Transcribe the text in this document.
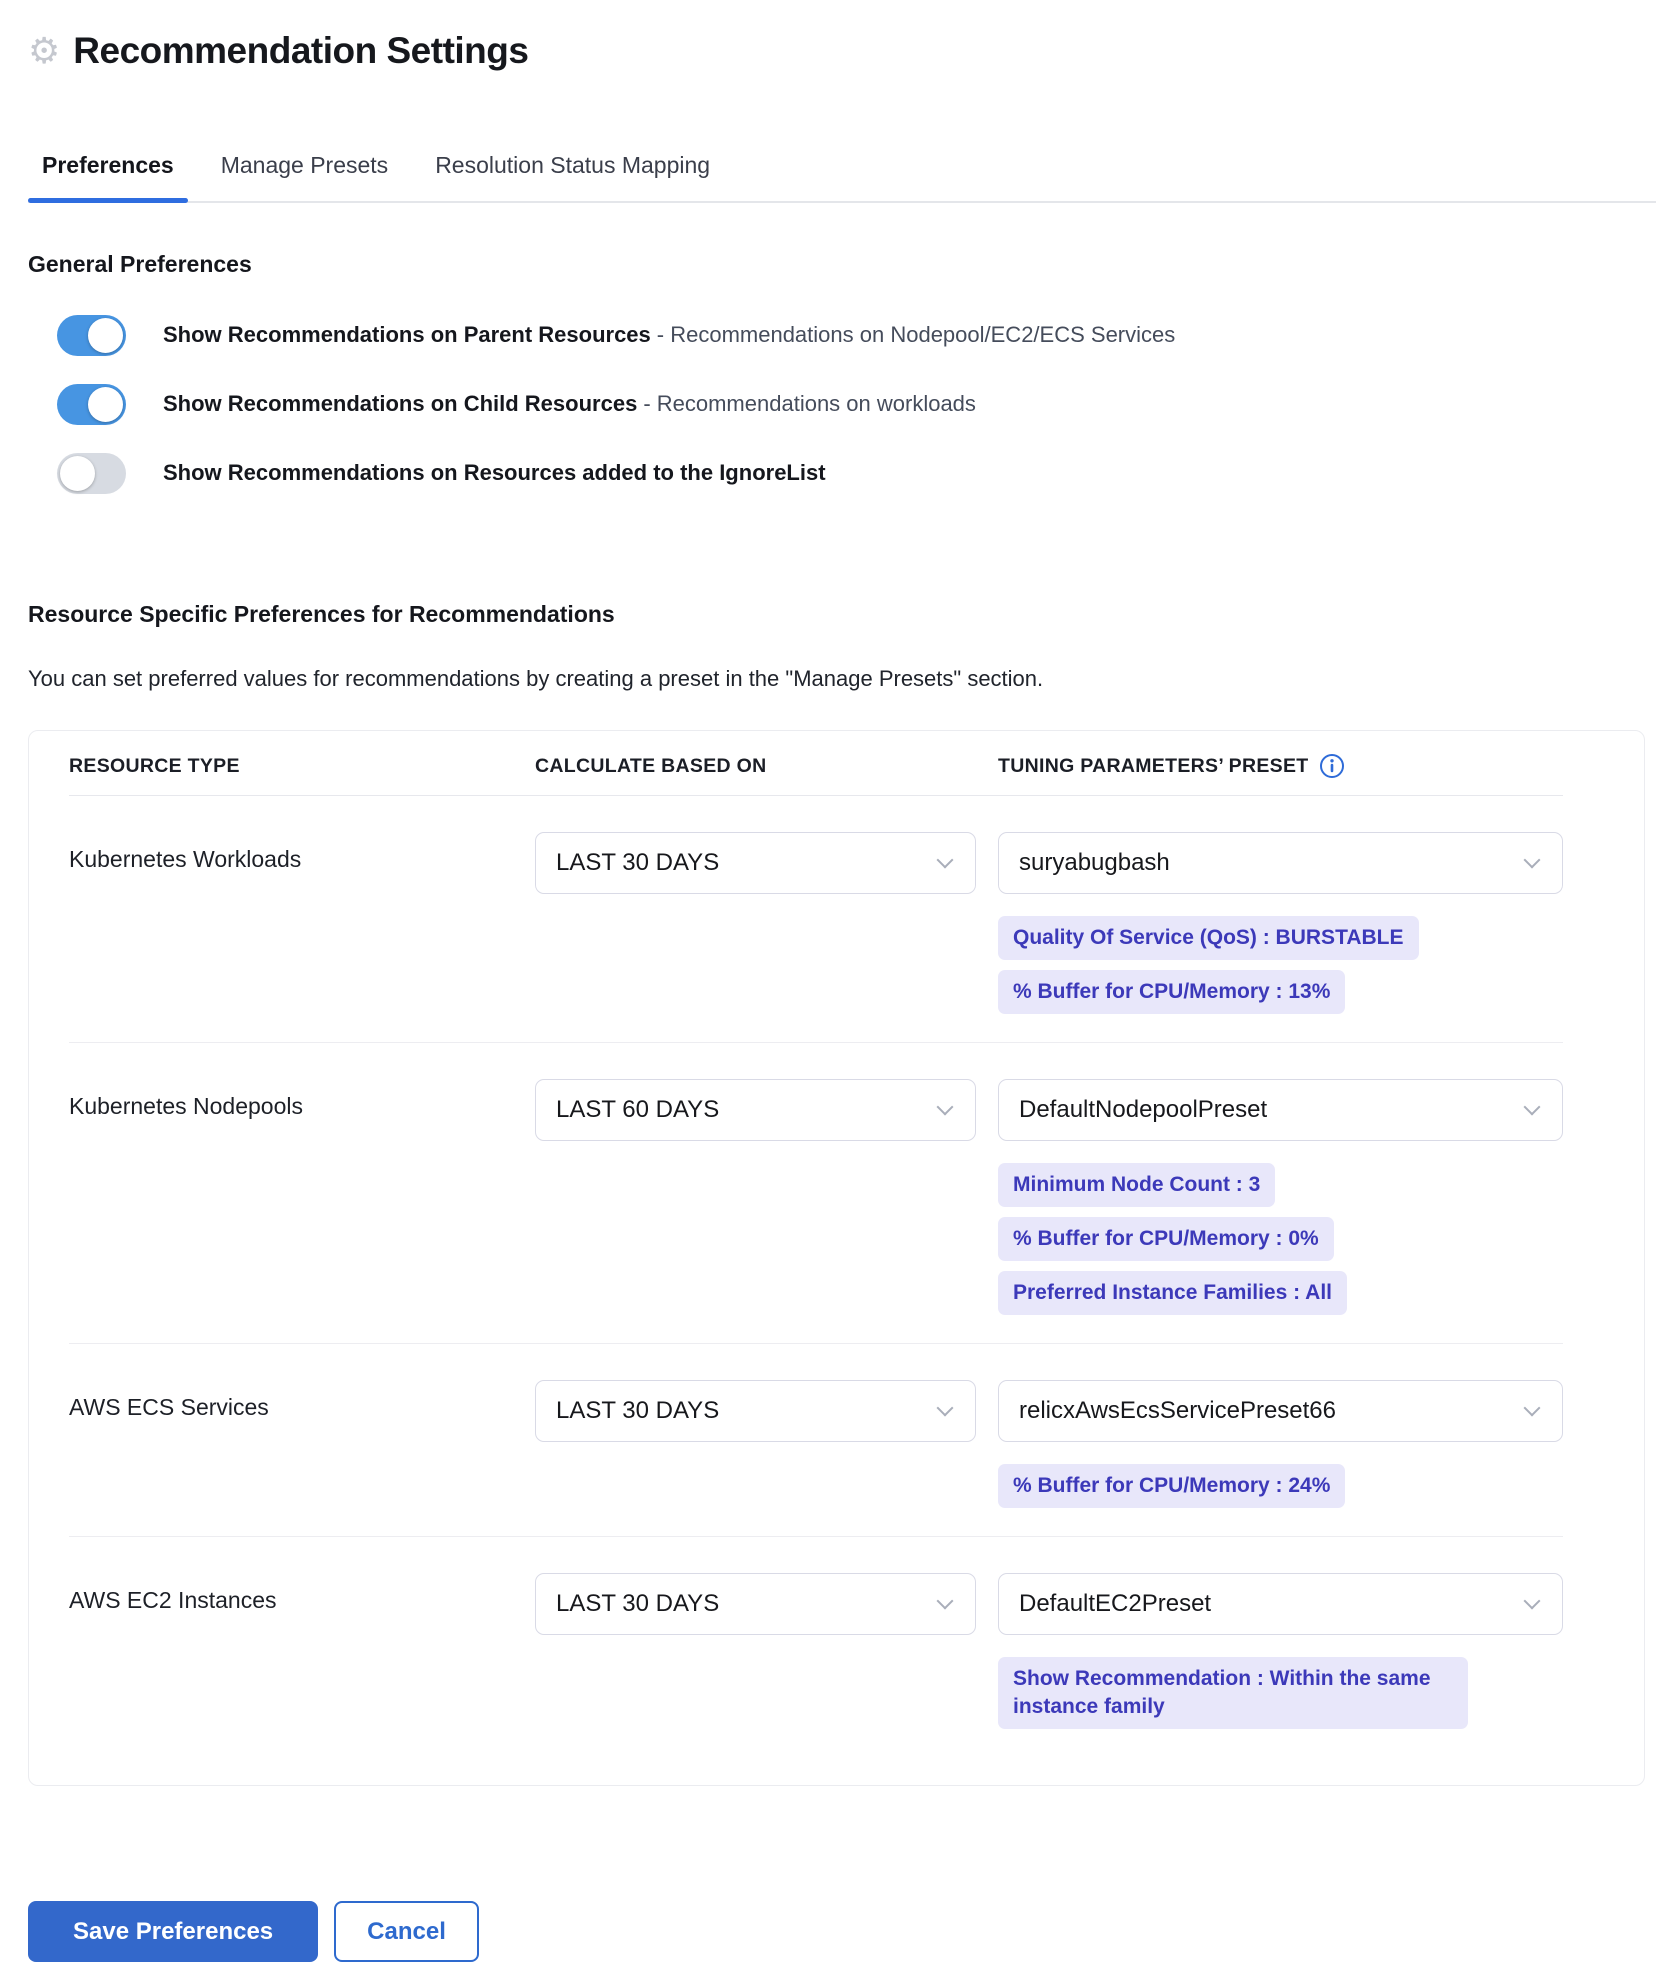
⚙ Recommendation Settings
Preferences	Manage Presets	Resolution Status Mapping
General Preferences
Show Recommendations on Parent Resources - Recommendations on Nodepool/EC2/ECS Services
Show Recommendations on Child Resources - Recommendations on workloads
Show Recommendations on Resources added to the IgnoreList
Resource Specific Preferences for Recommendations
You can set preferred values for recommendations by creating a preset in the "Manage Presets" section.
RESOURCE TYPE	CALCULATE BASED ON	TUNING PARAMETERS’ PRESET
Kubernetes Workloads	LAST 30 DAYS	suryabugbash
Quality Of Service (QoS) : BURSTABLE
% Buffer for CPU/Memory : 13%
Kubernetes Nodepools	LAST 60 DAYS	DefaultNodepoolPreset
Minimum Node Count : 3
% Buffer for CPU/Memory : 0%
Preferred Instance Families : All
AWS ECS Services	LAST 30 DAYS	relicxAwsEcsServicePreset66
% Buffer for CPU/Memory : 24%
AWS EC2 Instances	LAST 30 DAYS	DefaultEC2Preset
Show Recommendation : Within the same instance family
Save Preferences	Cancel
